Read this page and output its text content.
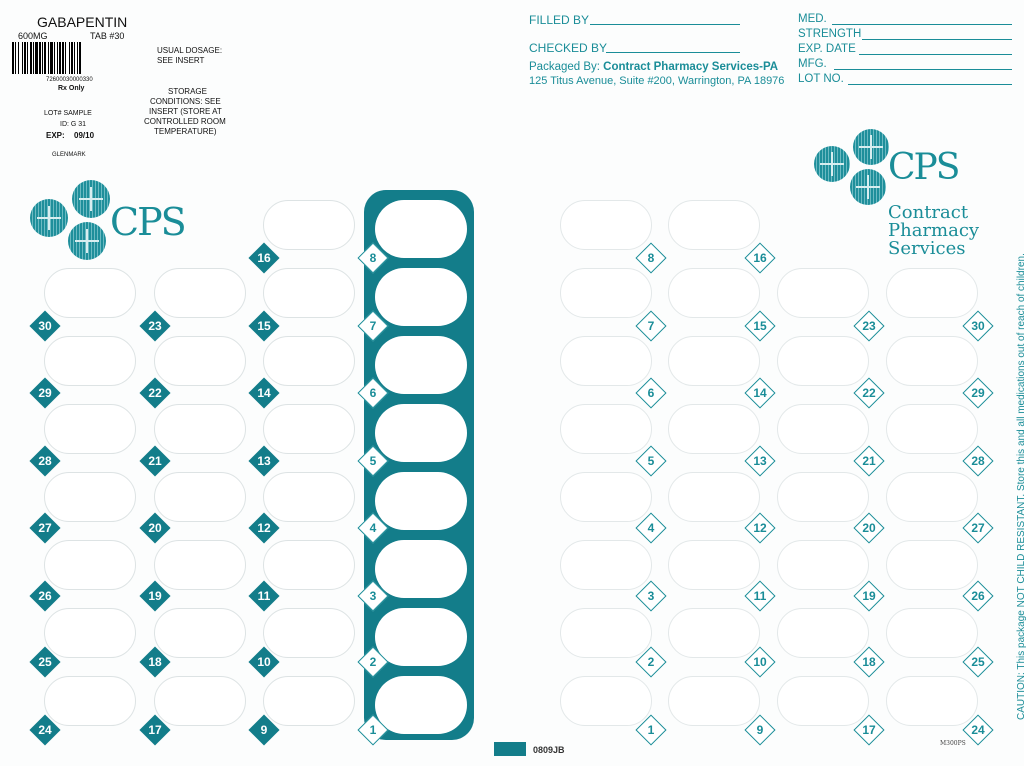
GABAPENTIN
600MG	TAB #30
72600030000330
Rx Only
LOT# SAMPLE
ID: G 31
EXP: 09/10
GLENMARK
USUAL DOSAGE:
SEE INSERT
STORAGE
CONDITIONS: SEE
INSERT (STORE AT
CONTROLLED ROOM
TEMPERATURE)
FILLED BY
CHECKED BY
Packaged By: Contract Pharmacy Services-PA
125 Titus Avenue, Suite #200, Warrington, PA 18976
MED.
STRENGTH
EXP. DATE
MFG.
LOT NO.
CPS
CPS
Contract
Pharmacy
Services
8
7
6
5
4
3
2
1
30
29
28
27
26
25
24
23
22
21
20
19
18
17
16
15
14
13
12
11
10
9
8
7
6
5
4
3
2
1
16
15
14
13
12
11
10
9
23
22
21
20
19
18
17
30
29
28
27
26
25
24
CAUTION: This package NOT CHILD RESISTANT. Store this and all medications out of reach of children.
0809JB
M300PS
